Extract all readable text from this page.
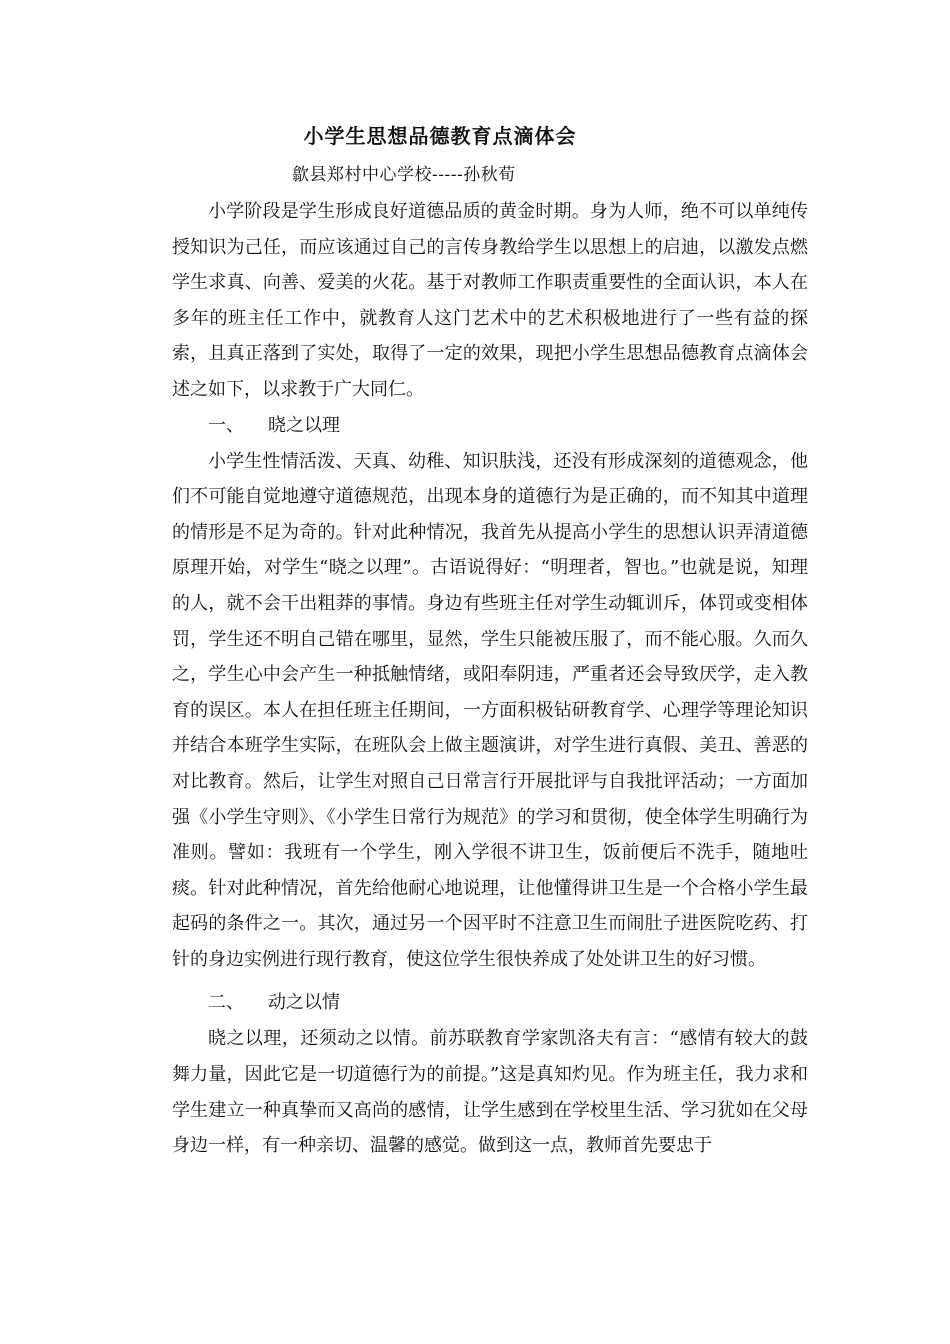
小学生思想品德教育点滴体会
歙县郑村中心学校-----孙秋荀

小学阶段是学生形成良好道德品质的黄金时期。身为人师，绝不可以单纯传授知识为己任，而应该通过自己的言传身教给学生以思想上的启迪，以激发点燃学生求真、向善、爱美的火花。基于对教师工作职责重要性的全面认识，本人在多年的班主任工作中，就教育人这门艺术中的艺术积极地进行了一些有益的探索，且真正落到了实处，取得了一定的效果，现把小学生思想品德教育点滴体会述之如下，以求教于广大同仁。

一、 晓之以理

小学生性情活泼、天真、幼稚、知识肤浅，还没有形成深刻的道德观念，他们不可能自觉地遵守道德规范，出现本身的道德行为是正确的，而不知其中道理的情形是不足为奇的。针对此种情况，我首先从提高小学生的思想认识弄清道德原理开始，对学生“晓之以理”。古语说得好：“明理者，智也。”也就是说，知理的人，就不会干出粗莽的事情。身边有些班主任对学生动辄训斥，体罚或变相体罚，学生还不明自己错在哪里，显然，学生只能被压服了，而不能心服。久而久之，学生心中会产生一种抵触情绪，或阳奉阴违，严重者还会导致厌学，走入教育的误区。本人在担任班主任期间，一方面积极钻研教育学、心理学等理论知识并结合本班学生实际，在班队会上做主题演讲，对学生进行真假、美丑、善恶的对比教育。然后，让学生对照自己日常言行开展批评与自我批评活动；一方面加强《小学生守则》、《小学生日常行为规范》的学习和贯彻，使全体学生明确行为准则。譬如：我班有一个学生，刚入学很不讲卫生，饭前便后不洗手，随地吐痰。针对此种情况，首先给他耐心地说理，让他懂得讲卫生是一个合格小学生最起码的条件之一。其次，通过另一个因平时不注意卫生而闹肚子进医院吃药、打针的身边实例进行现行教育，使这位学生很快养成了处处讲卫生的好习惯。

二、 动之以情

晓之以理，还须动之以情。前苏联教育学家凯洛夫有言：“感情有较大的鼓舞力量，因此它是一切道德行为的前提。”这是真知灼见。作为班主任，我力求和学生建立一种真挚而又高尚的感情，让学生感到在学校里生活、学习犹如在父母身边一样，有一种亲切、温馨的感觉。做到这一点，教师首先要忠于
